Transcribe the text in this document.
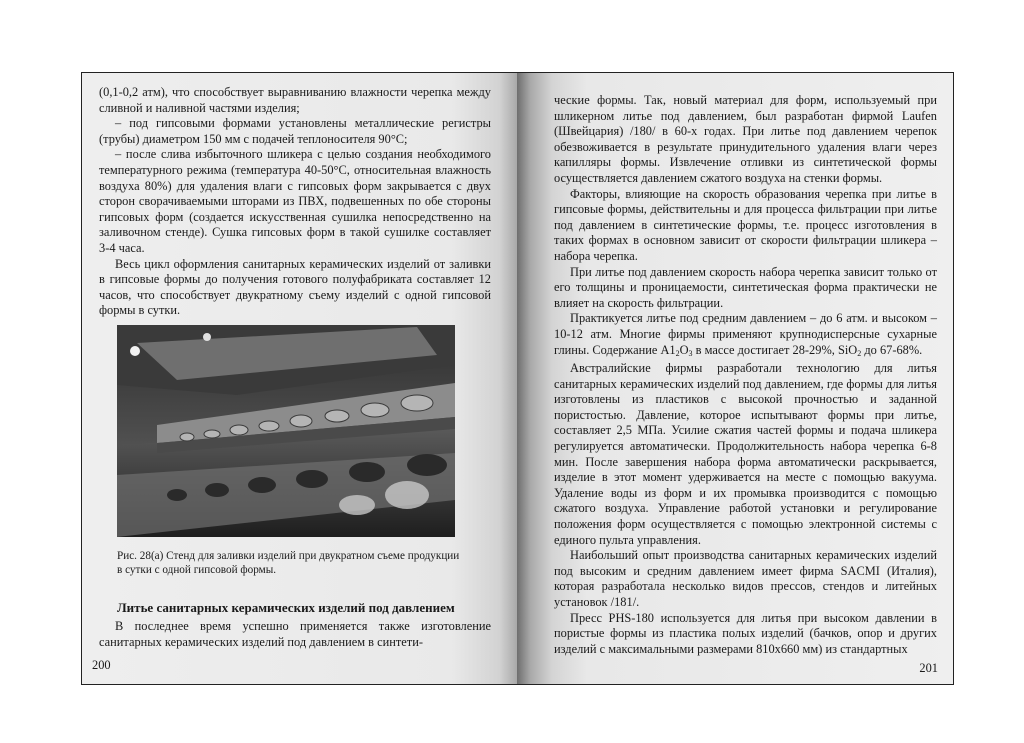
(0,1-0,2 атм), что способствует выравниванию влажности черепка между сливной и наливной частями изделия;

– под гипсовыми формами установлены металлические регистры (трубы) диаметром 150 мм с подачей теплоносителя 90°С;

– после слива избыточного шликера с целью создания необходимого температурного режима (температура 40-50°С, относительная влажность воздуха 80%) для удаления влаги с гипсовых форм закрывается с двух сторон сворачиваемыми шторами из ПВХ, подвешенных по обе стороны гипсовых форм (создается искусственная сушилка непосредственно на заливочном стенде). Сушка гипсовых форм в такой сушилке составляет 3-4 часа.

Весь цикл оформления санитарных керамических изделий от заливки в гипсовые формы до получения готового полуфабриката составляет 12 часов, что способствует двукратному съему изделий с одной гипсовой формы в сутки.

Рис. 28(а) Стенд для заливки изделий при двукратном съеме продукции в сутки с одной гипсовой формы.
Литье санитарных керамических изделий под давлением
В последнее время успешно применяется также изготовление санитарных керамических изделий под давлением в синтети-
200

ческие формы. Так, новый материал для форм, используемый при шликерном литье под давлением, был разработан фирмой Laufen (Швейцария) /180/ в 60-х годах. При литье под давлением черепок обезвоживается в результате принудительного удаления влаги через капилляры формы. Извлечение отливки из синтетической формы осуществляется давлением сжатого воздуха на стенки формы.

Факторы, влияющие на скорость образования черепка при литье в гипсовые формы, действительны и для процесса фильтрации при литье под давлением в синтетические формы, т.е. процесс изготовления в таких формах в основном зависит от скорости фильтрации шликера – набора черепка.

При литье под давлением скорость набора черепка зависит только от его толщины и проницаемости, синтетическая форма практически не влияет на скорость фильтрации.

Практикуется литье под средним давлением – до 6 атм. и высоком – 10-12 атм. Многие фирмы применяют крупнодисперсные сухарные глины. Содержание $A1_2O_3$ в массе достигает 28-29%, SiO$_2$ до 67-68%.

Австралийские фирмы разработали технологию для литья санитарных керамических изделий под давлением, где формы для литья изготовлены из пластиков с высокой прочностью и заданной пористостью. Давление, которое испытывают формы при литье, составляет 2,5 МПа. Усилие сжатия частей формы и подача шликера регулируется автоматически. Продолжительность набора черепка 6-8 мин. После завершения набора форма автоматически раскрывается, изделие в этот момент удерживается на месте с помощью вакуума. Удаление воды из форм и их промывка производится с помощью сжатого воздуха. Управление работой установки и регулирование положения форм осуществляется с помощью электронной системы с единого пульта управления.

Наибольший опыт производства санитарных керамических изделий под высоким и средним давлением имеет фирма SACMI (Италия), которая разработала несколько видов прессов, стендов и литейных установок /181/.

Пресс PHS-180 используется для литья при высоком давлении в пористые формы из пластика полых изделий (бачков, опор и других изделий с максимальными размерами 810х660 мм) из стандартных

201
